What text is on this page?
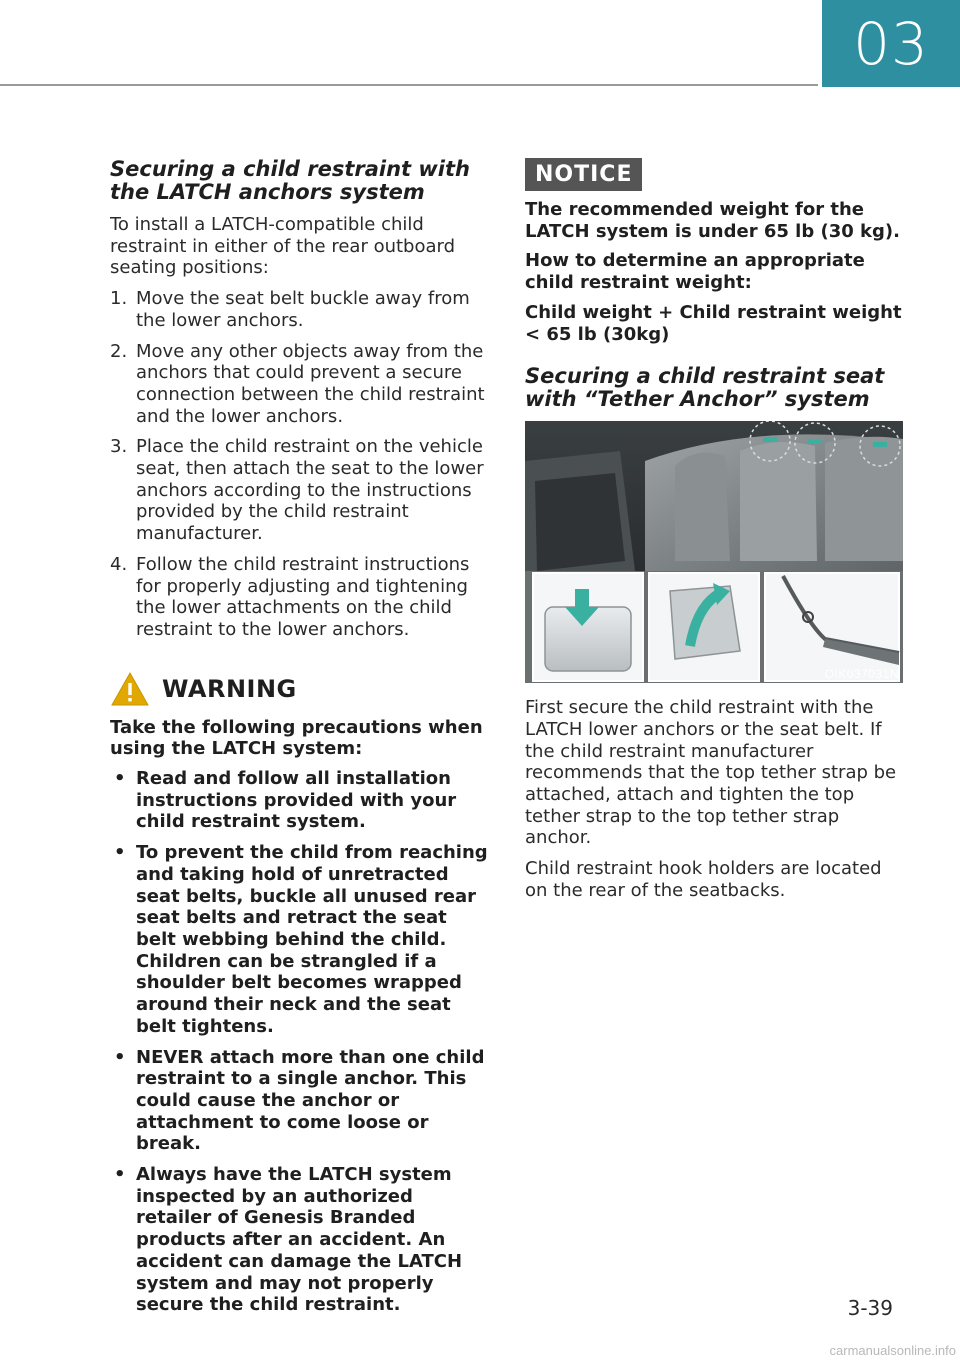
03
Securing a child restraint with the LATCH anchors system

To install a LATCH-compatible child restraint in either of the rear outboard seating positions:

1. Move the seat belt buckle away from the lower anchors.
2. Move any other objects away from the anchors that could prevent a secure connection between the child restraint and the lower anchors.
3. Place the child restraint on the vehicle seat, then attach the seat to the lower anchors according to the instructions provided by the child restraint manufacturer.
4. Follow the child restraint instructions for properly adjusting and tightening the lower attachments on the child restraint to the lower anchors.
WARNING

Take the following precautions when using the LATCH system:

• Read and follow all installation instructions provided with your child restraint system.
• To prevent the child from reaching and taking hold of unretracted seat belts, buckle all unused rear seat belts and retract the seat belt webbing behind the child. Children can be strangled if a shoulder belt becomes wrapped around their neck and the seat belt tightens.
• NEVER attach more than one child restraint to a single anchor. This could cause the anchor or attachment to come loose or break.
• Always have the LATCH system inspected by an authorized retailer of Genesis Branded products after an accident. An accident can damage the LATCH system and may not properly secure the child restraint.
NOTICE

The recommended weight for the LATCH system is under 65 lb (30 kg).

How to determine an appropriate child restraint weight:

Child weight + Child restraint weight < 65 lb (30kg)

Securing a child restraint seat with “Tether Anchor” system
OIK037031N

First secure the child restraint with the LATCH lower anchors or the seat belt. If the child restraint manufacturer recommends that the top tether strap be attached, attach and tighten the top tether strap to the top tether strap anchor.

Child restraint hook holders are located on the rear of the seatbacks.

3-39
carmanualsonline.info
